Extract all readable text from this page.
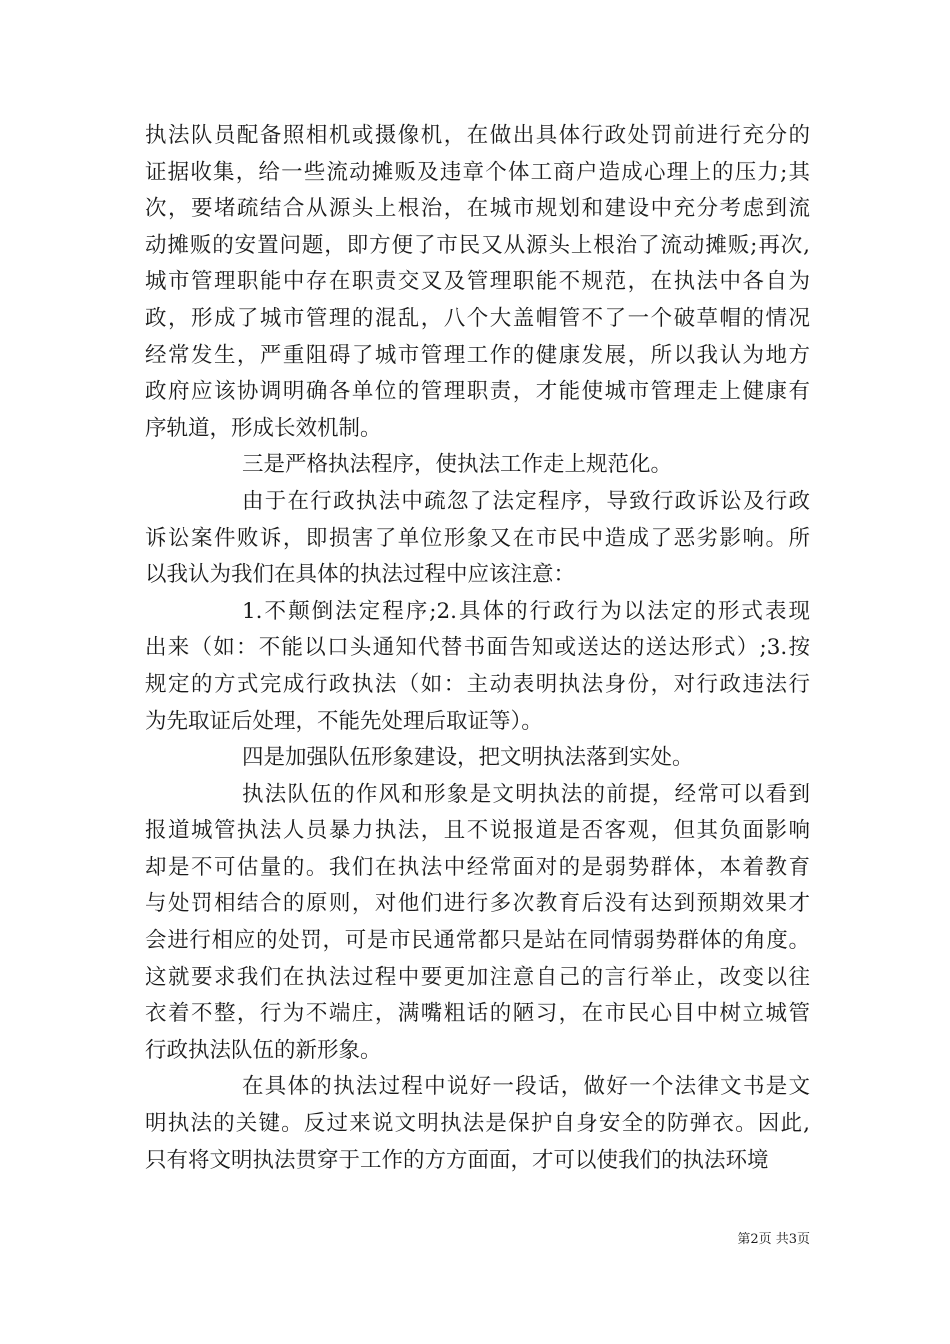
执法队员配备照相机或摄像机，在做出具体行政处罚前进行充分的
证据收集，给一些流动摊贩及违章个体工商户造成心理上的压力;其
次，要堵疏结合从源头上根治，在城市规划和建设中充分考虑到流
动摊贩的安置问题，即方便了市民又从源头上根治了流动摊贩;再次,
城市管理职能中存在职责交叉及管理职能不规范，在执法中各自为
政，形成了城市管理的混乱，八个大盖帽管不了一个破草帽的情况
经常发生，严重阻碍了城市管理工作的健康发展，所以我认为地方
政府应该协调明确各单位的管理职责，才能使城市管理走上健康有
序轨道，形成长效机制。
三是严格执法程序，使执法工作走上规范化。
由于在行政执法中疏忽了法定程序，导致行政诉讼及行政
诉讼案件败诉，即损害了单位形象又在市民中造成了恶劣影响。所
以我认为我们在具体的执法过程中应该注意：
1.不颠倒法定程序;2.具体的行政行为以法定的形式表现
出来（如：不能以口头通知代替书面告知或送达的送达形式）;3.按
规定的方式完成行政执法（如：主动表明执法身份，对行政违法行
为先取证后处理，不能先处理后取证等）。
四是加强队伍形象建设，把文明执法落到实处。
执法队伍的作风和形象是文明执法的前提，经常可以看到
报道城管执法人员暴力执法，且不说报道是否客观，但其负面影响
却是不可估量的。我们在执法中经常面对的是弱势群体，本着教育
与处罚相结合的原则，对他们进行多次教育后没有达到预期效果才
会进行相应的处罚，可是市民通常都只是站在同情弱势群体的角度。
这就要求我们在执法过程中要更加注意自己的言行举止，改变以往
衣着不整，行为不端庄，满嘴粗话的陋习，在市民心目中树立城管
行政执法队伍的新形象。
在具体的执法过程中说好一段话，做好一个法律文书是文
明执法的关键。反过来说文明执法是保护自身安全的防弹衣。因此,
只有将文明执法贯穿于工作的方方面面，才可以使我们的执法环境
第2页 共3页
